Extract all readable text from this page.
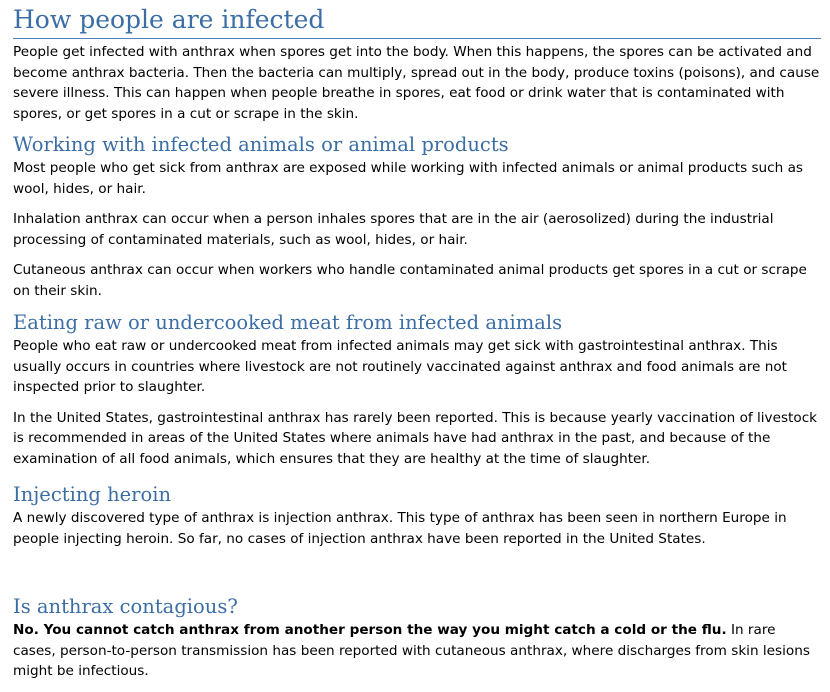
How people are infected

People get infected with anthrax when spores get into the body. When this happens, the spores can be activated and become anthrax bacteria. Then the bacteria can multiply, spread out in the body, produce toxins (poisons), and cause severe illness. This can happen when people breathe in spores, eat food or drink water that is contaminated with spores, or get spores in a cut or scrape in the skin.

Working with infected animals or animal products

Most people who get sick from anthrax are exposed while working with infected animals or animal products such as wool, hides, or hair.

Inhalation anthrax can occur when a person inhales spores that are in the air (aerosolized) during the industrial processing of contaminated materials, such as wool, hides, or hair.

Cutaneous anthrax can occur when workers who handle contaminated animal products get spores in a cut or scrape on their skin.

Eating raw or undercooked meat from infected animals

People who eat raw or undercooked meat from infected animals may get sick with gastrointestinal anthrax. This usually occurs in countries where livestock are not routinely vaccinated against anthrax and food animals are not inspected prior to slaughter.

In the United States, gastrointestinal anthrax has rarely been reported. This is because yearly vaccination of livestock is recommended in areas of the United States where animals have had anthrax in the past, and because of the examination of all food animals, which ensures that they are healthy at the time of slaughter.

Injecting heroin

A newly discovered type of anthrax is injection anthrax. This type of anthrax has been seen in northern Europe in people injecting heroin. So far, no cases of injection anthrax have been reported in the United States.

Is anthrax contagious?

No. You cannot catch anthrax from another person the way you might catch a cold or the flu. In rare cases, person-to-person transmission has been reported with cutaneous anthrax, where discharges from skin lesions might be infectious.
